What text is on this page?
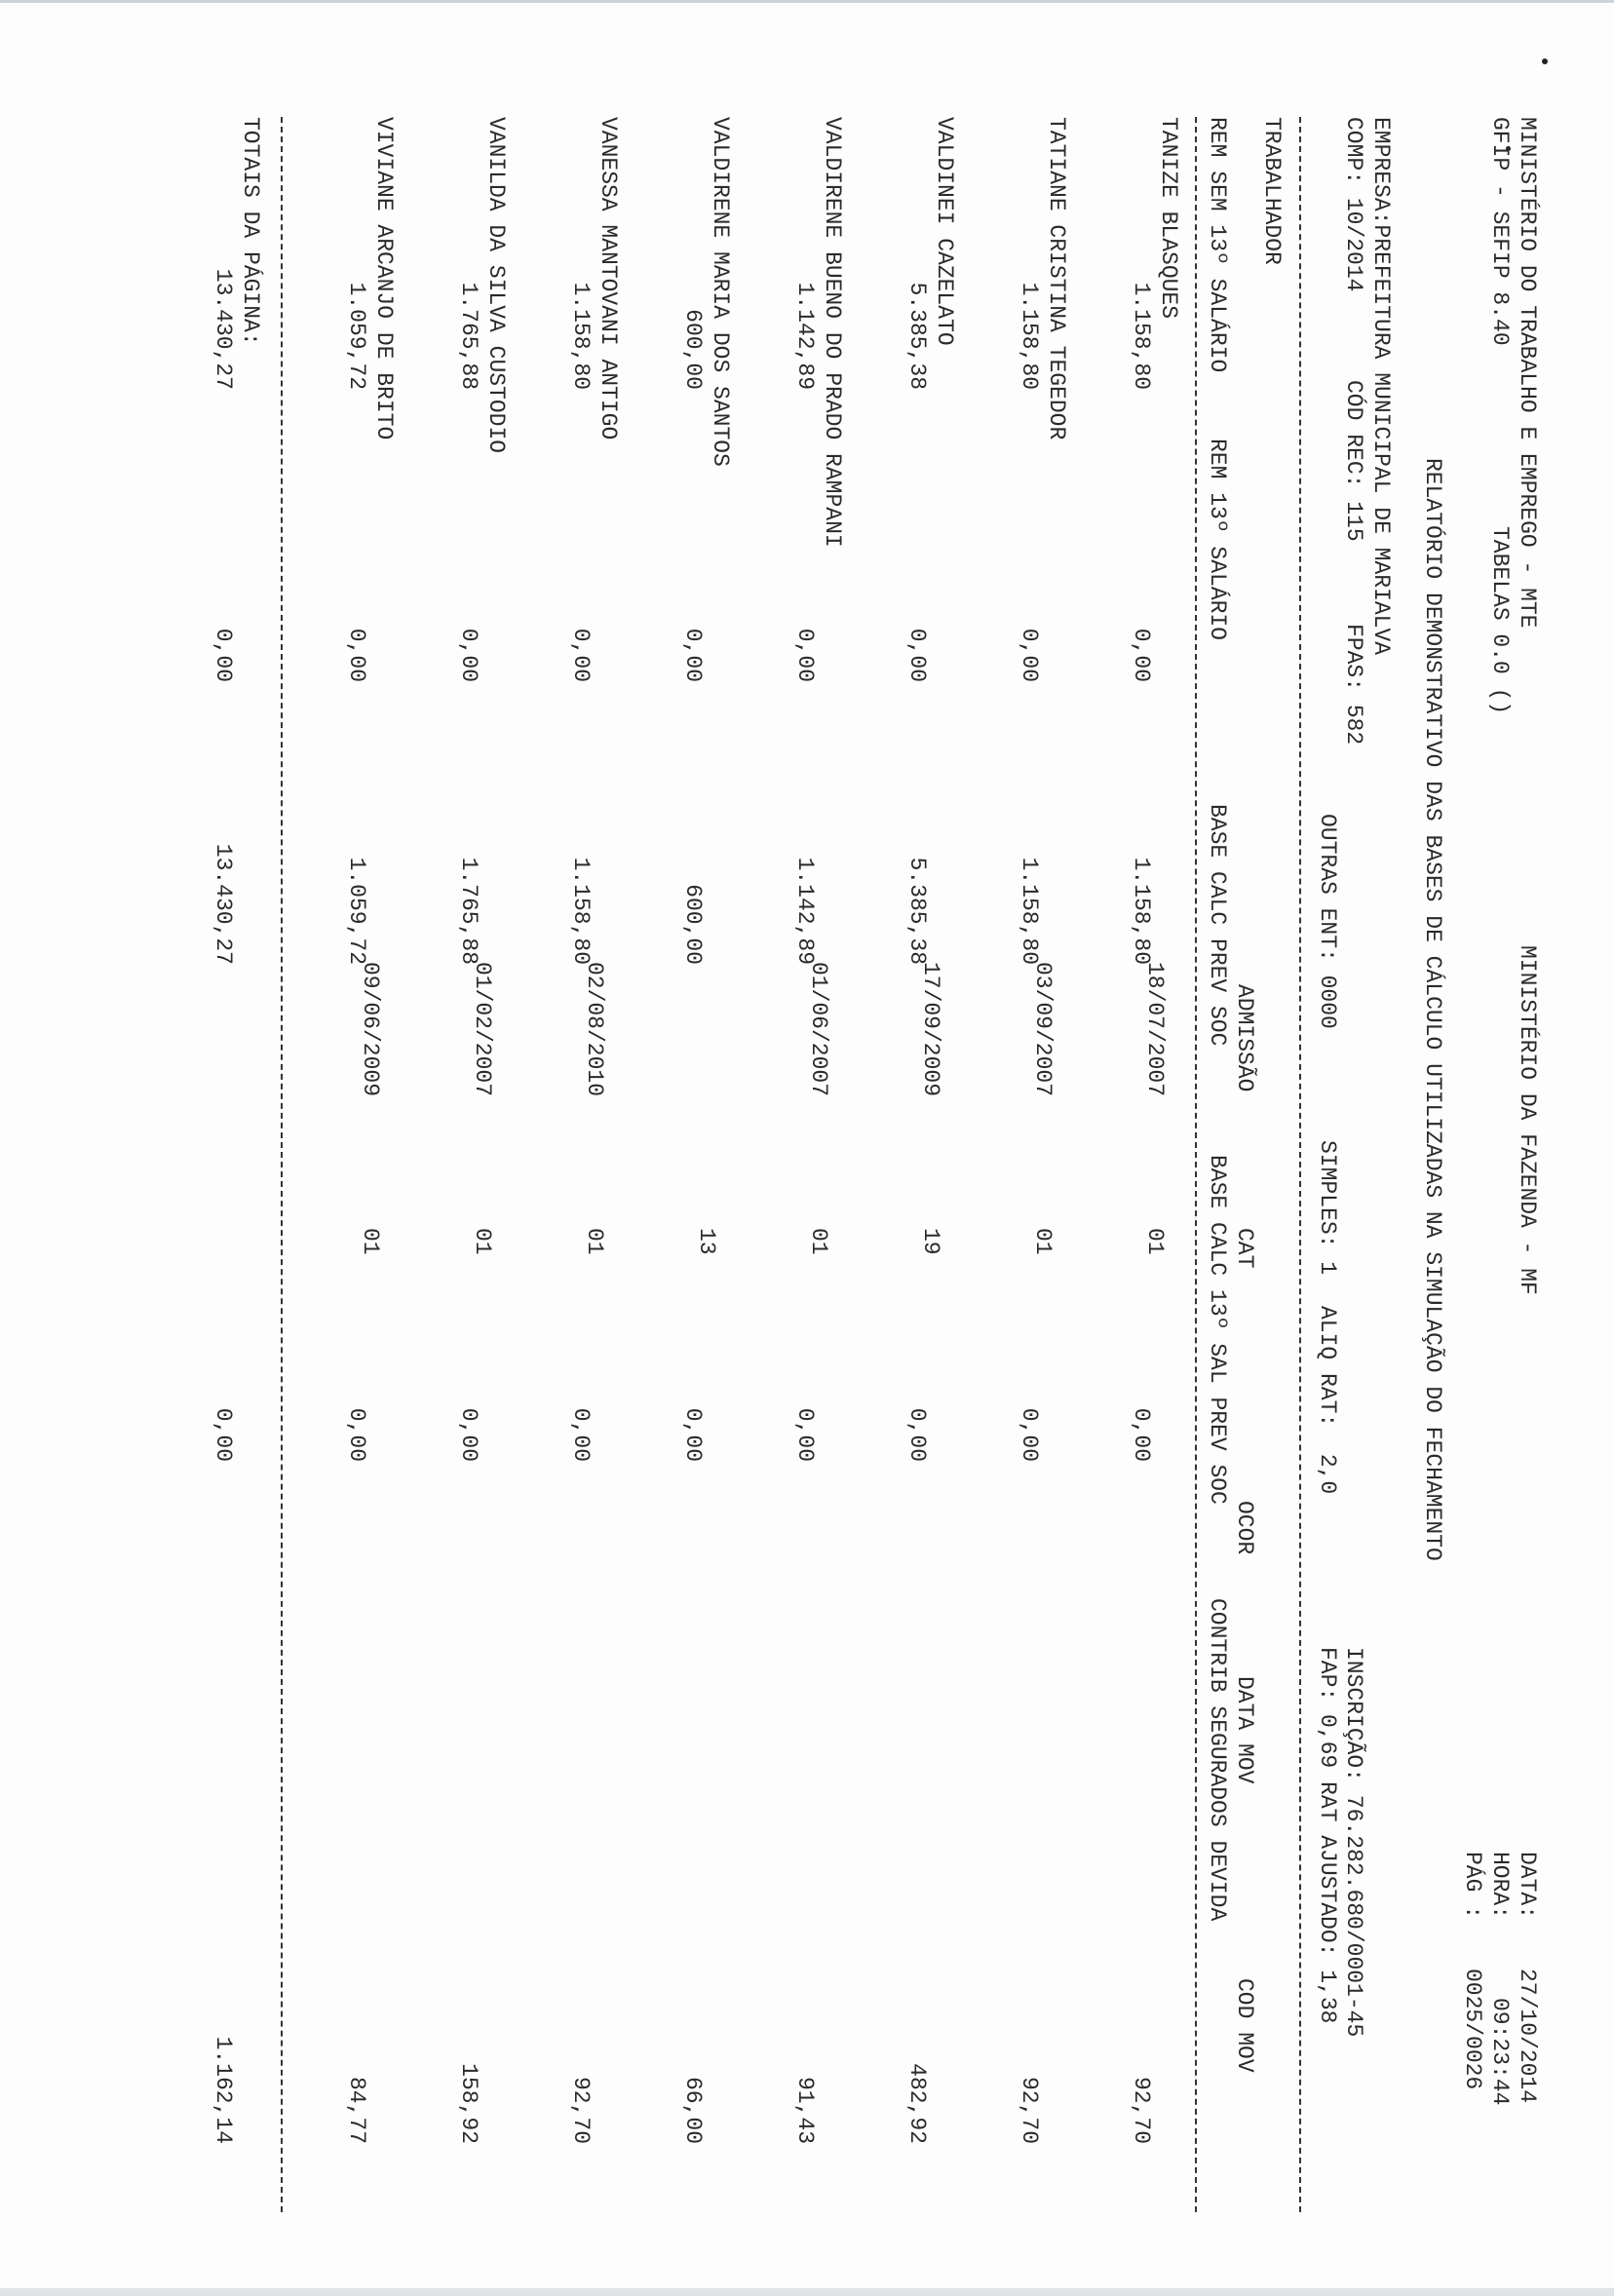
MINISTÉRIO DO TRABALHO E EMPREGO - MTE
MINISTÉRIO DA FAZENDA - MF
DATA:
27/10/2014
GFIP - SEFIP 8.40
TABELAS 0.0 ()
HORA:
09:23:44
PÁG :
0025/0026
RELATÓRIO DEMONSTRATIVO DAS BASES DE CÁLCULO UTILIZADAS NA SIMULAÇÃO DO FECHAMENTO
EMPRESA:PREFEITURA MUNICIPAL DE MARIALVA
INSCRIÇÃO: 76.282.680/0001-45
COMP: 10/2014
CÓD REC: 115
FPAS: 582
OUTRAS ENT: 0000
SIMPLES: 1
ALIQ RAT:  2,0
FAP: 0,69 RAT AJUSTADO: 1,38
TRABALHADOR
ADMISSÃO
CAT
OCOR
DATA MOV
COD MOV
REM SEM 13º SALÁRIO
REM 13º SALÁRIO
BASE CALC PREV SOC
BASE CALC 13º SAL PREV SOC
CONTRIB SEGURADOS DEVIDA
TANIZE BLASQUES
1.158,80
0,00
18/07/2007
01
1.158,80
0,00
92,70
TATIANE CRISTINA TEGEDOR
1.158,80
0,00
03/09/2007
01
1.158,80
0,00
92,70
VALDINEI CAZELATO
5.385,38
0,00
17/09/2009
19
5.385,38
0,00
482,92
VALDIRENE BUENO DO PRADO RAMPANI
1.142,89
0,00
01/06/2007
01
1.142,89
0,00
91,43
VALDIRENE MARIA DOS SANTOS
600,00
0,00
13
600,00
0,00
66,00
VANESSA MANTOVANI ANTIGO
1.158,80
0,00
02/08/2010
01
1.158,80
0,00
92,70
VANILDA DA SILVA CUSTODIO
1.765,88
0,00
01/02/2007
01
1.765,88
0,00
158,92
VIVIANE ARCANJO DE BRITO
1.059,72
0,00
09/06/2009
01
1.059,72
0,00
84,77
TOTAIS DA PÁGINA:
13.430,27
0,00
13.430,27
0,00
1.162,14
